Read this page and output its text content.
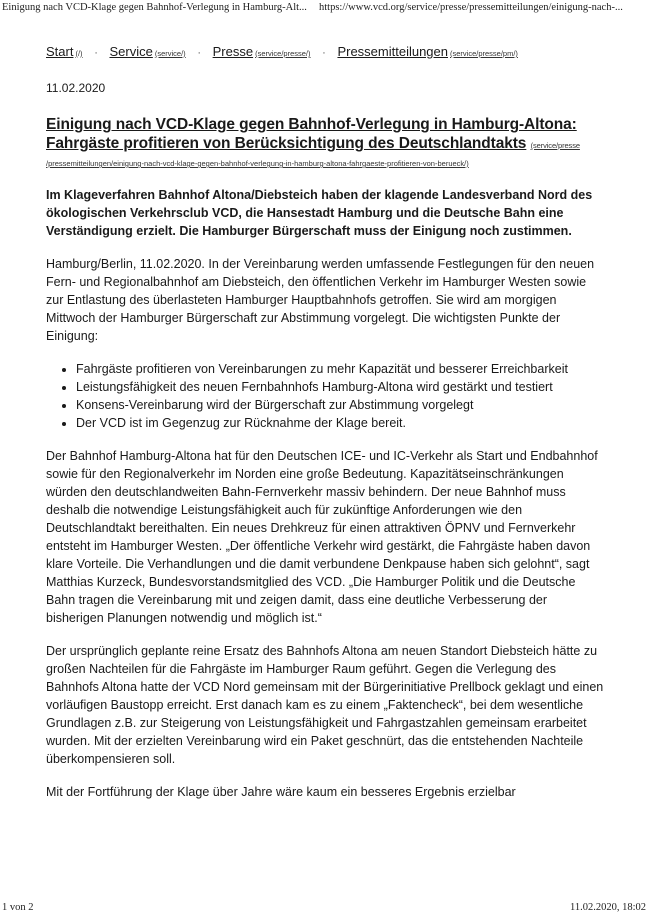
Einigung nach VCD-Klage gegen Bahnhof-Verlegung in Hamburg-Alt... https://www.vcd.org/service/presse/pressemitteilungen/einigung-nach-...
Start (/) · Service (service/) · Presse (service/presse/) · Pressemitteilungen (service/presse/pm/)
11.02.2020
Einigung nach VCD-Klage gegen Bahnhof-Verlegung in Hamburg-Altona: Fahrgäste profitieren von Berücksichtigung des Deutschlandtakts (service/presse
/pressemitteilungen/einigung-nach-vcd-klage-gegen-bahnhof-verlegung-in-hamburg-altona-fahrgaeste-profitieren-von-berueck/)

Im Klageverfahren Bahnhof Altona/Diebsteich haben der klagende Landesverband Nord des ökologischen Verkehrsclub VCD, die Hansestadt Hamburg und die Deutsche Bahn eine Verständigung erzielt. Die Hamburger Bürgerschaft muss der Einigung noch zustimmen.

Hamburg/Berlin, 11.02.2020. In der Vereinbarung werden umfassende Festlegungen für den neuen Fern- und Regionalbahnhof am Diebsteich, den öffentlichen Verkehr im Hamburger Westen sowie zur Entlastung des überlasteten Hamburger Hauptbahnhofs getroffen. Sie wird am morgigen Mittwoch der Hamburger Bürgerschaft zur Abstimmung vorgelegt. Die wichtigsten Punkte der Einigung:

• Fahrgäste profitieren von Vereinbarungen zu mehr Kapazität und besserer Erreichbarkeit
• Leistungsfähigkeit des neuen Fernbahnhofs Hamburg-Altona wird gestärkt und testiert
• Konsens-Vereinbarung wird der Bürgerschaft zur Abstimmung vorgelegt
• Der VCD ist im Gegenzug zur Rücknahme der Klage bereit.

Der Bahnhof Hamburg-Altona hat für den Deutschen ICE- und IC-Verkehr als Start und Endbahnhof sowie für den Regionalverkehr im Norden eine große Bedeutung. Kapazitätseinschränkungen würden den deutschlandweiten Bahn-Fernverkehr massiv behindern. Der neue Bahnhof muss deshalb die notwendige Leistungsfähigkeit auch für zukünftige Anforderungen wie den Deutschlandtakt bereithalten. Ein neues Drehkreuz für einen attraktiven ÖPNV und Fernverkehr entsteht im Hamburger Westen. „Der öffentliche Verkehr wird gestärkt, die Fahrgäste haben davon klare Vorteile. Die Verhandlungen und die damit verbundene Denkpause haben sich gelohnt“, sagt Matthias Kurzeck, Bundesvorstandsmitglied des VCD. „Die Hamburger Politik und die Deutsche Bahn tragen die Vereinbarung mit und zeigen damit, dass eine deutliche Verbesserung der bisherigen Planungen notwendig und möglich ist.“

Der ursprünglich geplante reine Ersatz des Bahnhofs Altona am neuen Standort Diebsteich hätte zu großen Nachteilen für die Fahrgäste im Hamburger Raum geführt. Gegen die Verlegung des Bahnhofs Altona hatte der VCD Nord gemeinsam mit der Bürgerinitiative Prellbock geklagt und einen vorläufigen Baustopp erreicht. Erst danach kam es zu einem „Faktencheck“, bei dem wesentliche Grundlagen z.B. zur Steigerung von Leistungsfähigkeit und Fahrgastzahlen gemeinsam erarbeitet wurden. Mit der erzielten Vereinbarung wird ein Paket geschnürt, das die entstehenden Nachteile überkompensieren soll.

Mit der Fortführung der Klage über Jahre wäre kaum ein besseres Ergebnis erzielbar

1 von 2	11.02.2020, 18:02
